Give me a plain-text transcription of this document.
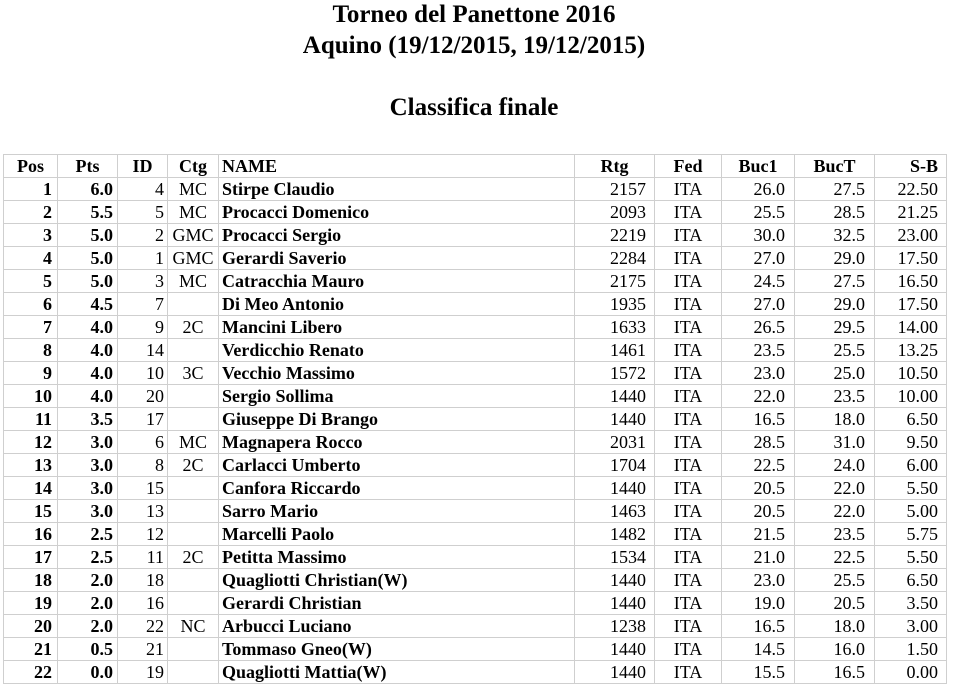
Torneo del Panettone 2016
Aquino (19/12/2015, 19/12/2015)
Classifica finale
Pos	Pts	ID	Ctg	NAME	Rtg	Fed	Buc1	BucT	S-B
1	6.0	4	MC	Stirpe Claudio	2157	ITA	26.0	27.5	22.50
2	5.5	5	MC	Procacci Domenico	2093	ITA	25.5	28.5	21.25
3	5.0	2	GMC	Procacci Sergio	2219	ITA	30.0	32.5	23.00
4	5.0	1	GMC	Gerardi Saverio	2284	ITA	27.0	29.0	17.50
5	5.0	3	MC	Catracchia Mauro	2175	ITA	24.5	27.5	16.50
6	4.5	7		Di Meo Antonio	1935	ITA	27.0	29.0	17.50
7	4.0	9	2C	Mancini Libero	1633	ITA	26.5	29.5	14.00
8	4.0	14		Verdicchio Renato	1461	ITA	23.5	25.5	13.25
9	4.0	10	3C	Vecchio Massimo	1572	ITA	23.0	25.0	10.50
10	4.0	20		Sergio Sollima	1440	ITA	22.0	23.5	10.00
11	3.5	17		Giuseppe Di Brango	1440	ITA	16.5	18.0	6.50
12	3.0	6	MC	Magnapera Rocco	2031	ITA	28.5	31.0	9.50
13	3.0	8	2C	Carlacci Umberto	1704	ITA	22.5	24.0	6.00
14	3.0	15		Canfora Riccardo	1440	ITA	20.5	22.0	5.50
15	3.0	13		Sarro Mario	1463	ITA	20.5	22.0	5.00
16	2.5	12		Marcelli Paolo	1482	ITA	21.5	23.5	5.75
17	2.5	11	2C	Petitta Massimo	1534	ITA	21.0	22.5	5.50
18	2.0	18		Quagliotti Christian(W)	1440	ITA	23.0	25.5	6.50
19	2.0	16		Gerardi Christian	1440	ITA	19.0	20.5	3.50
20	2.0	22	NC	Arbucci Luciano	1238	ITA	16.5	18.0	3.00
21	0.5	21		Tommaso Gneo(W)	1440	ITA	14.5	16.0	1.50
22	0.0	19		Quagliotti Mattia(W)	1440	ITA	15.5	16.5	0.00
